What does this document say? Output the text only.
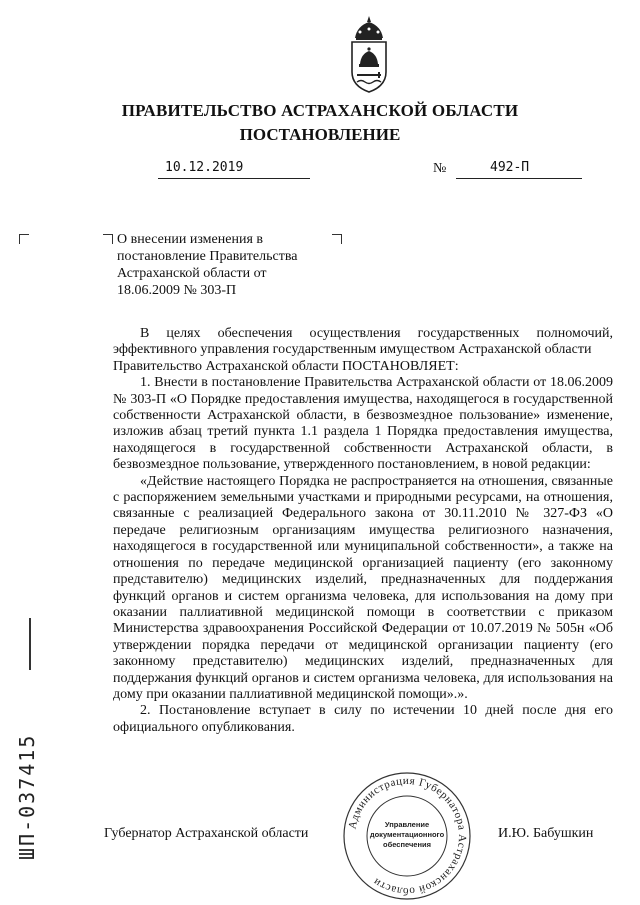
ПРАВИТЕЛЬСТВО АСТРАХАНСКОЙ ОБЛАСТИ
ПОСТАНОВЛЕНИЕ
10.12.2019	№	492-П
О внесении изменения в постановление Правительства Астраханской области от 18.06.2009 № 303-П

В целях обеспечения осуществления государственных полномочий, эффективного управления государственным имуществом Астраханской области

Правительство Астраханской области ПОСТАНОВЛЯЕТ:

1. Внести в постановление Правительства Астраханской области от 18.06.2009 № 303-П «О Порядке предоставления имущества, находящегося в государственной собственности Астраханской области, в безвозмездное пользование» изменение, изложив абзац третий пункта 1.1 раздела 1 Порядка предоставления имущества, находящегося в государственной собственности Астраханской области, в безвозмездное пользование, утвержденного постановлением, в новой редакции:

«Действие настоящего Порядка не распространяется на отношения, связанные с распоряжением земельными участками и природными ресурсами, на отношения, связанные с реализацией Федерального закона от 30.11.2010 № 327-ФЗ «О передаче религиозным организациям имущества религиозного назначения, находящегося в государственной или муниципальной собственности», а также на отношения по передаче медицинской организацией пациенту (его законному представителю) медицинских изделий, предназначенных для поддержания функций органов и систем организма человека, для использования на дому при оказании паллиативной медицинской помощи в соответствии с приказом Министерства здравоохранения Российской Федерации от 10.07.2019 № 505н «Об утверждении порядка передачи от медицинской организации пациенту (его законному представителю) медицинских изделий, предназначенных для поддержания функций органов и систем организма человека, для использования на дому при оказании паллиативной медицинской помощи».».

2. Постановление вступает в силу по истечении 10 дней после дня его официального опубликования.

Губернатор Астраханской области	И.Ю. Бабушкин
Администрация Губернатора Астраханской области
Управление
документационного
обеспечения
ШП-037415
